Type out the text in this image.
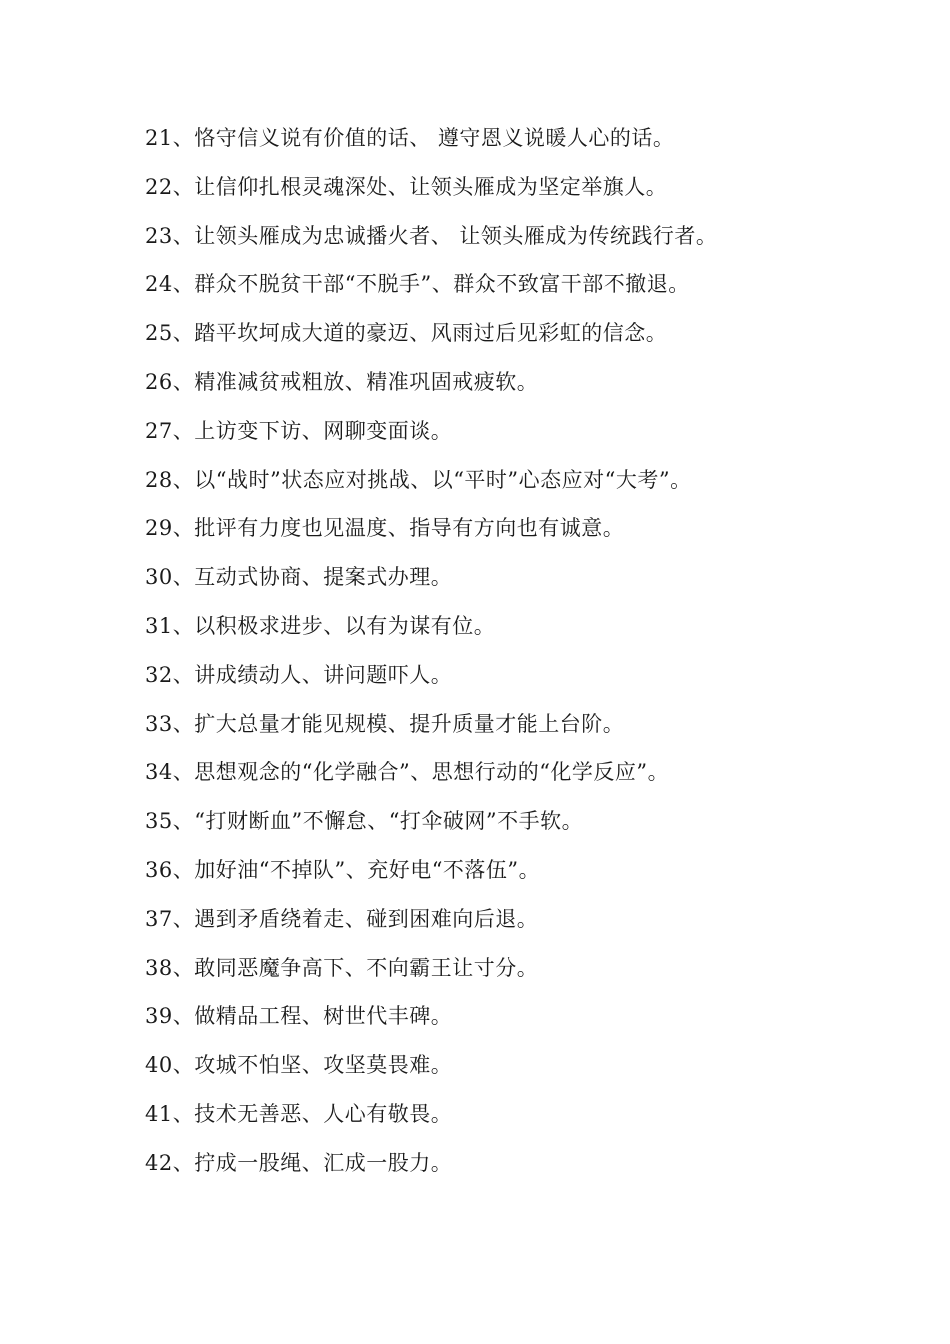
21、恪守信义说有价值的话、 遵守恩义说暖人心的话。
22、让信仰扎根灵魂深处、让领头雁成为坚定举旗人。
23、让领头雁成为忠诚播火者、 让领头雁成为传统践行者。
24、群众不脱贫干部“不脱手”、群众不致富干部不撤退。
25、踏平坎坷成大道的豪迈、风雨过后见彩虹的信念。
26、精准减贫戒粗放、精准巩固戒疲软。
27、上访变下访、网聊变面谈。
28、以“战时”状态应对挑战、以“平时”心态应对“大考”。
29、批评有力度也见温度、指导有方向也有诚意。
30、互动式协商、提案式办理。
31、以积极求进步、以有为谋有位。
32、讲成绩动人、讲问题吓人。
33、扩大总量才能见规模、提升质量才能上台阶。
34、思想观念的“化学融合”、思想行动的“化学反应”。
35、“打财断血”不懈怠、“打伞破网”不手软。
36、加好油“不掉队”、充好电“不落伍”。
37、遇到矛盾绕着走、碰到困难向后退。
38、敢同恶魔争高下、不向霸王让寸分。
39、做精品工程、树世代丰碑。
40、攻城不怕坚、攻坚莫畏难。
41、技术无善恶、人心有敬畏。
42、拧成一股绳、汇成一股力。
